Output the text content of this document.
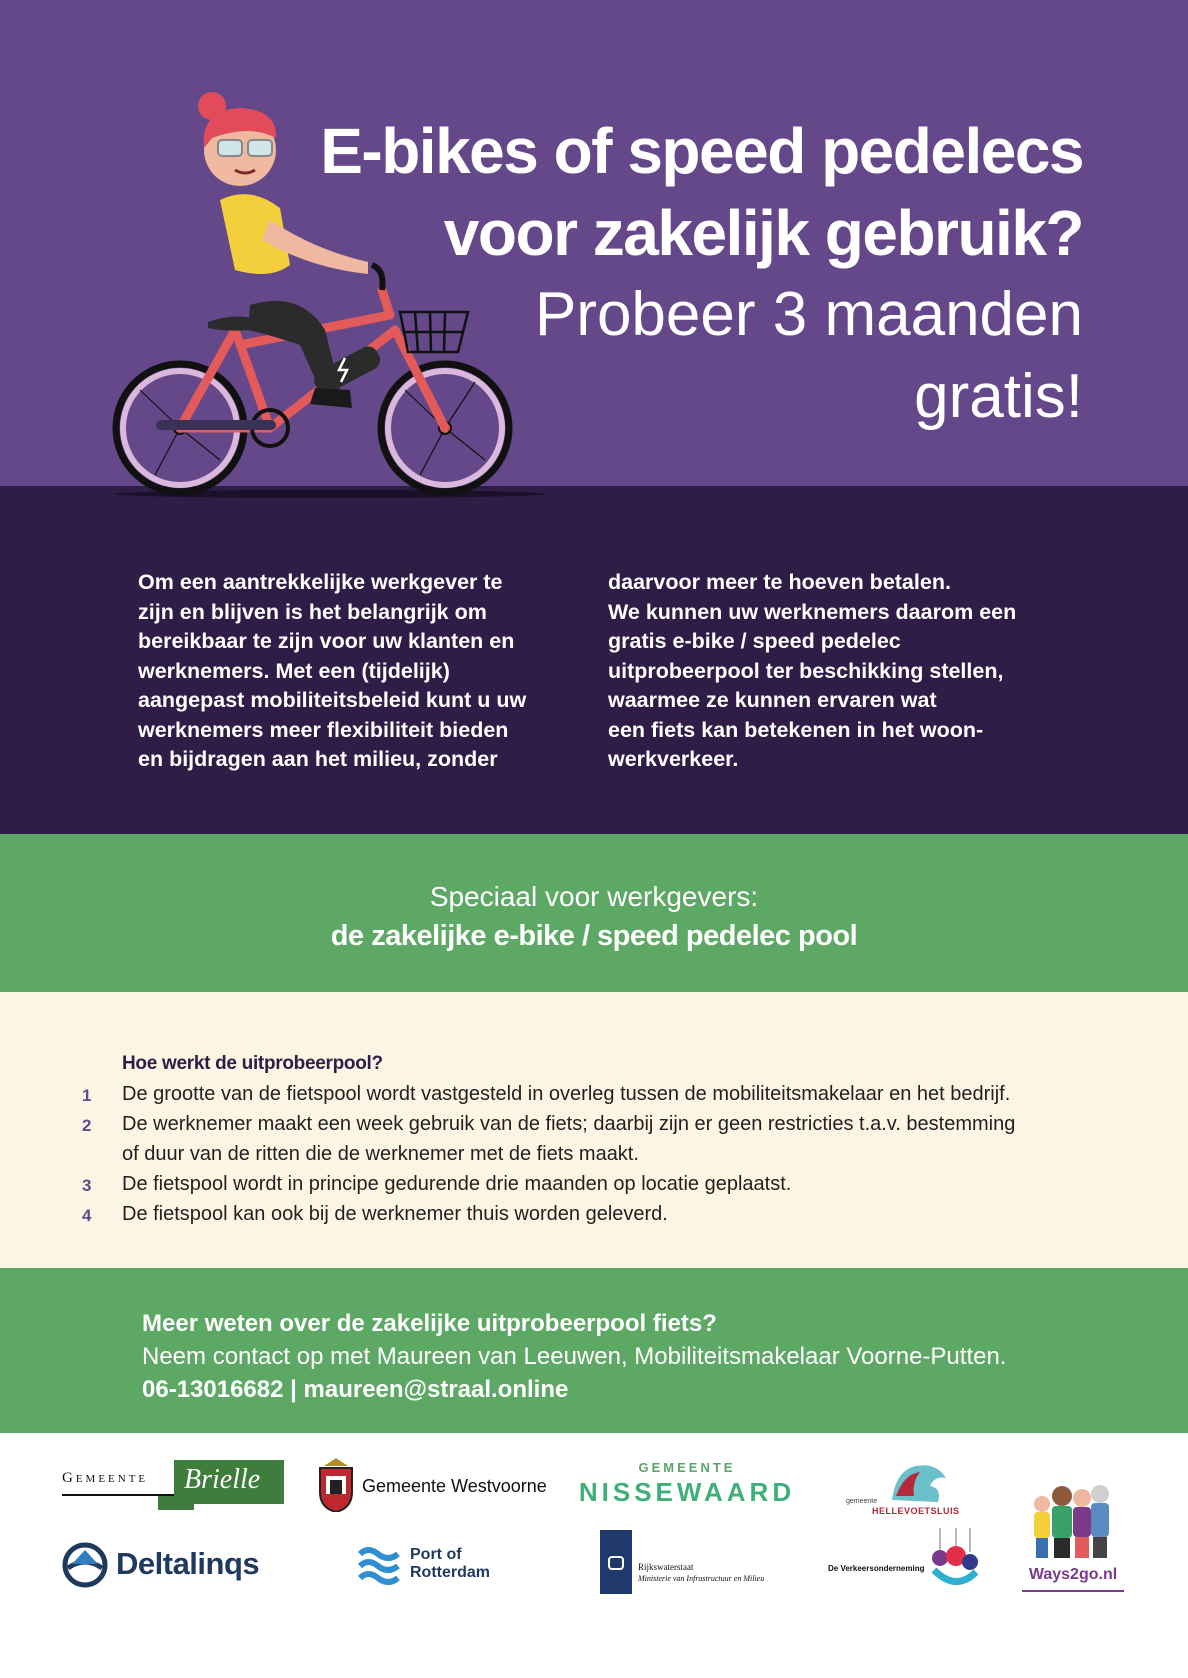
E-bikes of speed pedelecs
voor zakelijk gebruik?
Probeer 3 maanden
gratis!
Om een aantrekkelijke werkgever te
zijn en blijven is het belangrijk om
bereikbaar te zijn voor uw klanten en
werknemers. Met een (tijdelijk)
aangepast mobiliteitsbeleid kunt u uw
werknemers meer flexibiliteit bieden
en bijdragen aan het milieu, zonder
daarvoor meer te hoeven betalen.
We kunnen uw werknemers daarom een
gratis e-bike / speed pedelec
uitprobeerpool ter beschikking stellen,
waarmee ze kunnen ervaren wat
een fiets kan betekenen in het woon-
werkverkeer.
Speciaal voor werkgevers:
de zakelijke e-bike / speed pedelec pool
Hoe werkt de uitprobeerpool?
1	De grootte van de fietspool wordt vastgesteld in overleg tussen de mobiliteitsmakelaar en het bedrijf.
2	De werknemer maakt een week gebruik van de fiets; daarbij zijn er geen restricties t.a.v. bestemming
of duur van de ritten die de werknemer met de fiets maakt.
3	De fietspool wordt in principe gedurende drie maanden op locatie geplaatst.
4	De fietspool kan ook bij de werknemer thuis worden geleverd.
Meer weten over de zakelijke uitprobeerpool fiets?
Neem contact op met Maureen van Leeuwen, Mobiliteitsmakelaar Voorne-Putten.
06-13016682 | maureen@straal.online
Gemeente Brielle	Gemeente Westvoorne
GEMEENTE
NISSEWAARD	gemeente
HELLEVOETSLUIS
Ways2go.nl
Deltalinqs	Port of
Rotterdam	Rijkswaterstaat
Ministerie van Infrastructuur en Milieu
De Verkeersonderneming
